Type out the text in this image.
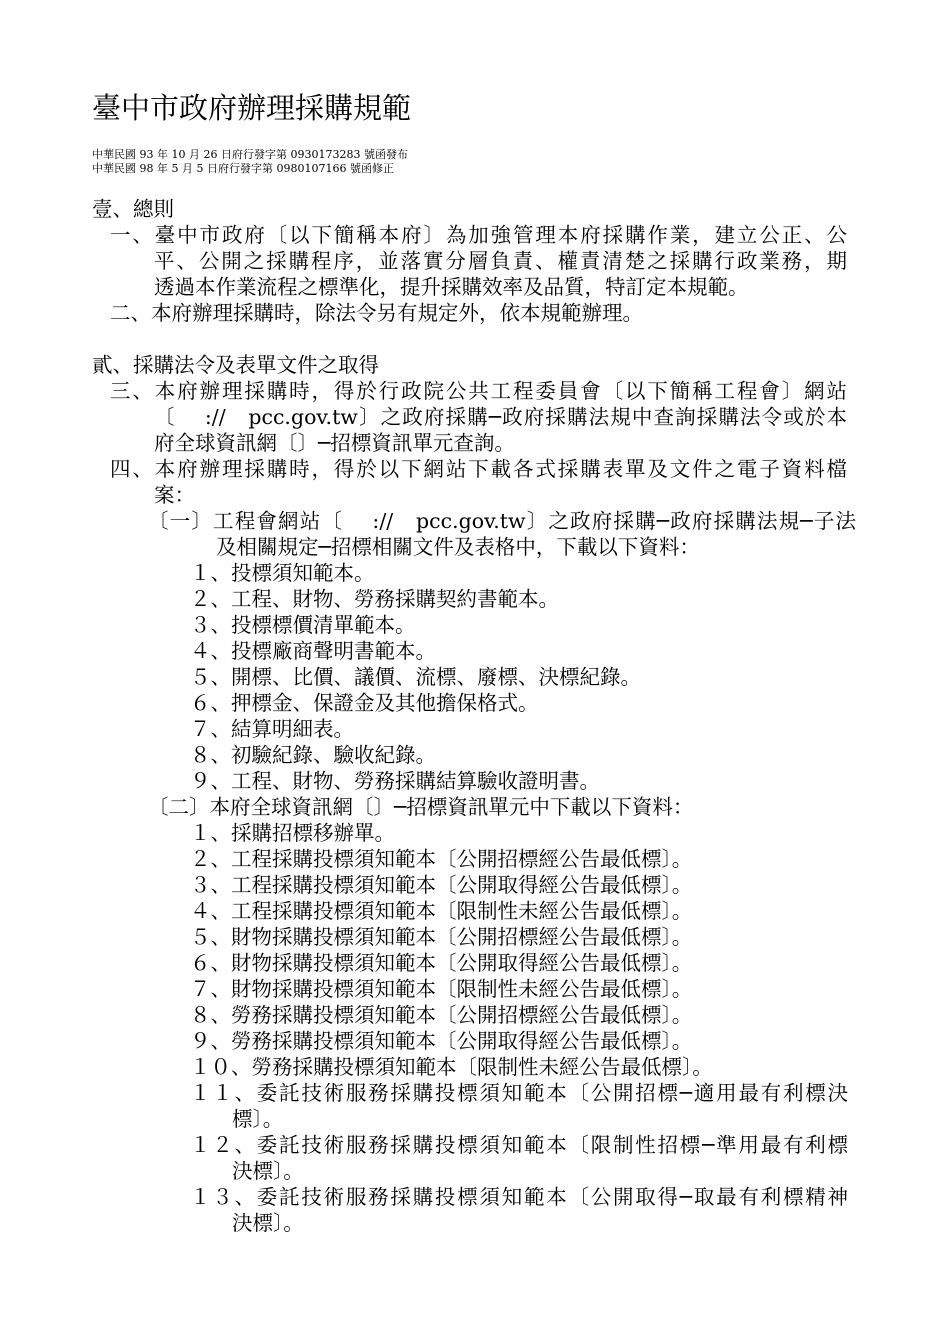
臺中市政府辦理採購規範
中華民國 93 年 10 月 26 日府行發字第 0930173283 號函發布
中華民國 98 年 5 月 5 日府行發字第 0980107166 號函修正
壹、總則
一、臺中市政府〔以下簡稱本府〕為加強管理本府採購作業，建立公正、公
平、公開之採購程序，並落實分層負責、權責清楚之採購行政業務，期
透過本作業流程之標準化，提升採購效率及品質，特訂定本規範。
二、本府辦理採購時，除法令另有規定外，依本規範辦理。
貳、採購法令及表單文件之取得
三、本府辦理採購時，得於行政院公共工程委員會〔以下簡稱工程會〕網站
〔　 ://　pcc.gov.tw〕之政府採購─政府採購法規中查詢採購法令或於本
府全球資訊網〔〕─招標資訊單元查詢。
四、本府辦理採購時，得於以下網站下載各式採購表單及文件之電子資料檔
案：
〔一〕工程會網站〔　 ://　pcc.gov.tw〕之政府採購─政府採購法規─子法
及相關規定─招標相關文件及表格中，下載以下資料：
１、投標須知範本。
２、工程、財物、勞務採購契約書範本。
３、投標標價清單範本。
４、投標廠商聲明書範本。
５、開標、比價、議價、流標、廢標、決標紀錄。
６、押標金、保證金及其他擔保格式。
７、結算明細表。
８、初驗紀錄、驗收紀錄。
９、工程、財物、勞務採購結算驗收證明書。
〔二〕本府全球資訊網〔〕─招標資訊單元中下載以下資料：
１、採購招標移辦單。
２、工程採購投標須知範本〔公開招標經公告最低標〕。
３、工程採購投標須知範本〔公開取得經公告最低標〕。
４、工程採購投標須知範本〔限制性未經公告最低標〕。
５、財物採購投標須知範本〔公開招標經公告最低標〕。
６、財物採購投標須知範本〔公開取得經公告最低標〕。
７、財物採購投標須知範本〔限制性未經公告最低標〕。
８、勞務採購投標須知範本〔公開招標經公告最低標〕。
９、勞務採購投標須知範本〔公開取得經公告最低標〕。
１０、勞務採購投標須知範本〔限制性未經公告最低標〕。
１１、委託技術服務採購投標須知範本〔公開招標─適用最有利標決
標〕。
１２、委託技術服務採購投標須知範本〔限制性招標─準用最有利標
決標〕。
１３、委託技術服務採購投標須知範本〔公開取得─取最有利標精神
決標〕。
